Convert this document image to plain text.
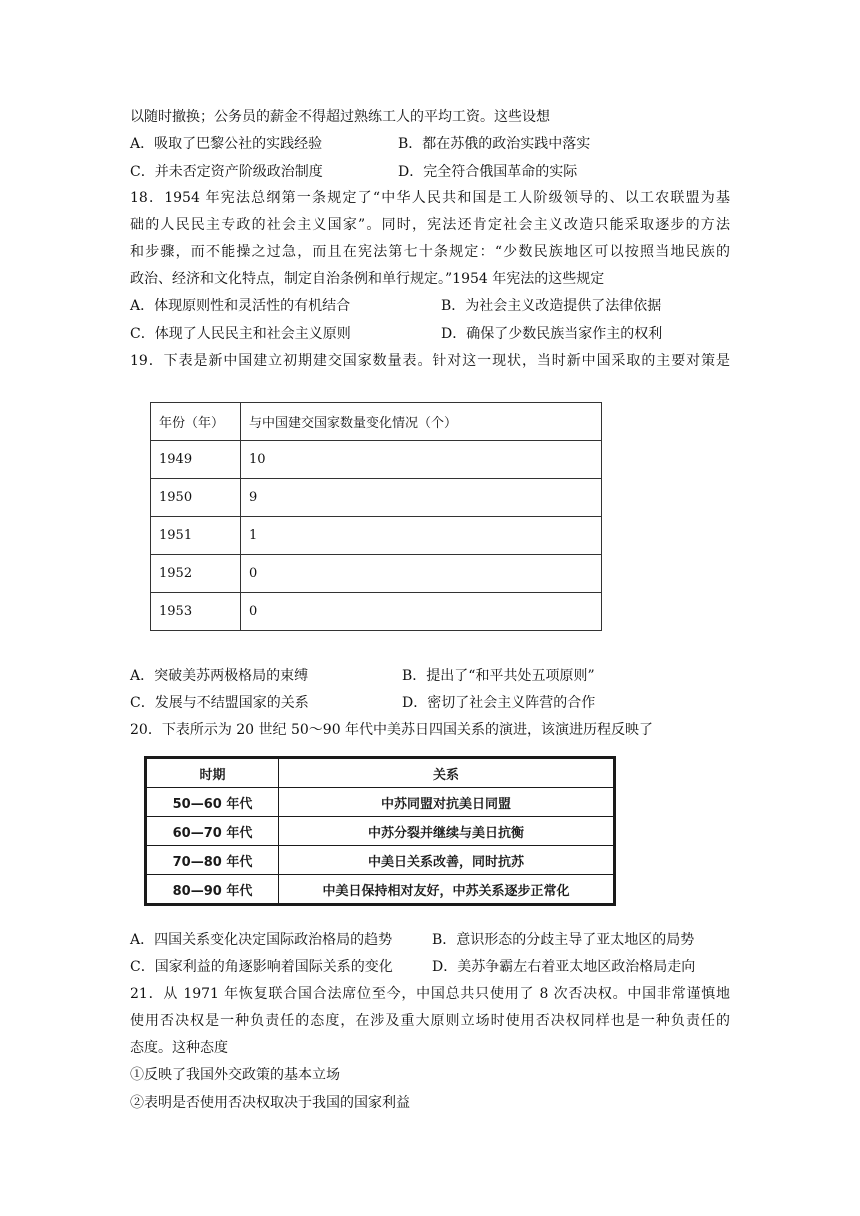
以随时撤换；公务员的薪金不得超过熟练工人的平均工资。这些设想
A．吸取了巴黎公社的实践经验	B．都在苏俄的政治实践中落实
C．并未否定资产阶级政治制度	D．完全符合俄国革命的实际
18．1954 年宪法总纲第一条规定了“中华人民共和国是工人阶级领导的、以工农联盟为基
础的人民民主专政的社会主义国家”。同时，宪法还肯定社会主义改造只能采取逐步的方法
和步骤，而不能操之过急，而且在宪法第七十条规定：“少数民族地区可以按照当地民族的
政治、经济和文化特点，制定自治条例和单行规定。”1954 年宪法的这些规定
A．体现原则性和灵活性的有机结合	B．为社会主义改造提供了法律依据
C．体现了人民民主和社会主义原则	D．确保了少数民族当家作主的权利
19．下表是新中国建立初期建交国家数量表。针对这一现状，当时新中国采取的主要对策是
年份（年）	与中国建交国家数量变化情况（个）
1949	10
1950	9
1951	1
1952	0
1953	0
A．突破美苏两极格局的束缚	B．提出了“和平共处五项原则”
C．发展与不结盟国家的关系	D．密切了社会主义阵营的合作
20．下表所示为 20 世纪 50～90 年代中美苏日四国关系的演进，该演进历程反映了
时期	关系
50—60 年代	中苏同盟对抗美日同盟
60—70 年代	中苏分裂并继续与美日抗衡
70—80 年代	中美日关系改善，同时抗苏
80—90 年代	中美日保持相对友好，中苏关系逐步正常化
A．四国关系变化决定国际政治格局的趋势	B．意识形态的分歧主导了亚太地区的局势
C．国家利益的角逐影响着国际关系的变化	D．美苏争霸左右着亚太地区政治格局走向
21．从 1971 年恢复联合国合法席位至今，中国总共只使用了 8 次否决权。中国非常谨慎地
使用否决权是一种负责任的态度，在涉及重大原则立场时使用否决权同样也是一种负责任的
态度。这种态度
①反映了我国外交政策的基本立场
②表明是否使用否决权取决于我国的国家利益
